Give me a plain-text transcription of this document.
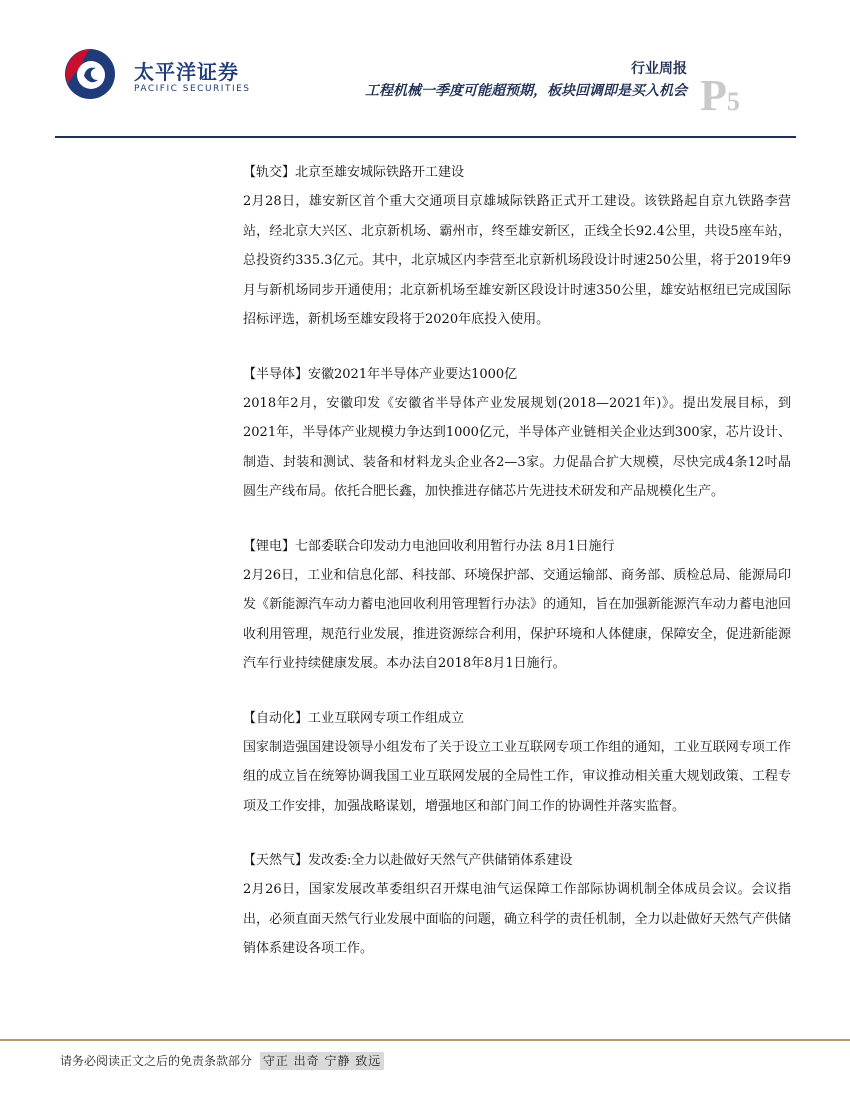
太平洋证券
PACIFIC SECURITIES
行业周报
工程机械一季度可能超预期，板块回调即是买入机会 P5
【轨交】北京至雄安城际铁路开工建设

2月28日，雄安新区首个重大交通项目京雄城际铁路正式开工建设。该铁路起自京九铁路李营站，经北京大兴区、北京新机场、霸州市，终至雄安新区，正线全长92.4公里，共设5座车站，总投资约335.3亿元。其中，北京城区内李营至北京新机场段设计时速250公里，将于2019年9月与新机场同步开通使用；北京新机场至雄安新区段设计时速350公里，雄安站枢纽已完成国际招标评选，新机场至雄安段将于2020年底投入使用。

【半导体】安徽2021年半导体产业要达1000亿

2018年2月，安徽印发《安徽省半导体产业发展规划(2018—2021年)》。提出发展目标，到2021年，半导体产业规模力争达到1000亿元，半导体产业链相关企业达到300家，芯片设计、制造、封装和测试、装备和材料龙头企业各2—3家。力促晶合扩大规模，尽快完成4条12吋晶圆生产线布局。依托合肥长鑫，加快推进存储芯片先进技术研发和产品规模化生产。

【锂电】七部委联合印发动力电池回收利用暂行办法 8月1日施行

2月26日，工业和信息化部、科技部、环境保护部、交通运输部、商务部、质检总局、能源局印发《新能源汽车动力蓄电池回收利用管理暂行办法》的通知，旨在加强新能源汽车动力蓄电池回收利用管理，规范行业发展，推进资源综合利用，保护环境和人体健康，保障安全，促进新能源汽车行业持续健康发展。本办法自2018年8月1日施行。

【自动化】工业互联网专项工作组成立

国家制造强国建设领导小组发布了关于设立工业互联网专项工作组的通知，工业互联网专项工作组的成立旨在统筹协调我国工业互联网发展的全局性工作，审议推动相关重大规划政策、工程专项及工作安排，加强战略谋划，增强地区和部门间工作的协调性并落实监督。

【天然气】发改委:全力以赴做好天然气产供储销体系建设

2月26日，国家发展改革委组织召开煤电油气运保障工作部际协调机制全体成员会议。会议指出，必须直面天然气行业发展中面临的问题，确立科学的责任机制，全力以赴做好天然气产供储销体系建设各项工作。

请务必阅读正文之后的免责条款部分 守正 出奇 宁静 致远
